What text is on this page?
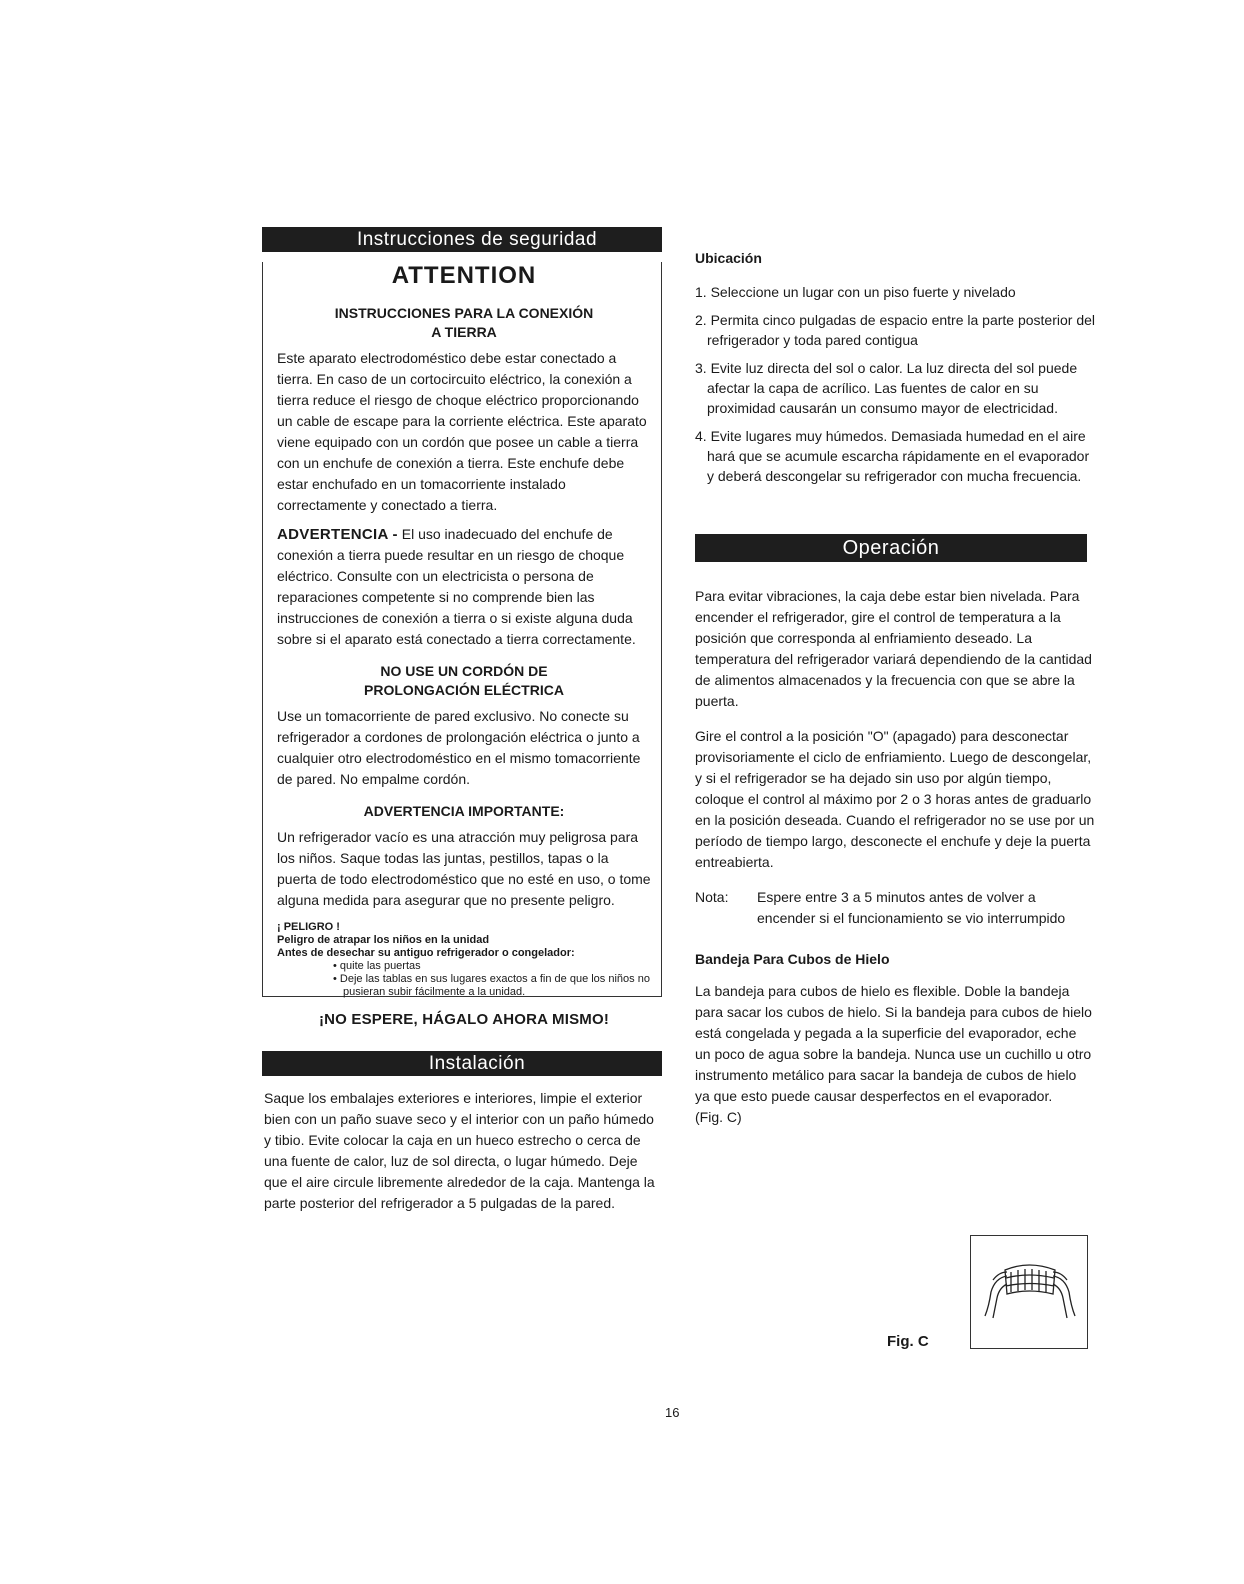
Instrucciones de seguridad
ATTENTION
INSTRUCCIONES PARA LA CONEXIÓN
A TIERRA

Este aparato electrodoméstico debe estar conectado a tierra. En caso de un cortocircuito eléctrico, la conexión a tierra reduce el riesgo de choque eléctrico proporcionando un cable de escape para la corriente eléctrica. Este aparato viene equipado con un cordón que posee un cable a tierra con un enchufe de conexión a tierra. Este enchufe debe estar enchufado en un tomacorriente instalado correctamente y conectado a tierra.

ADVERTENCIA - El uso inadecuado del enchufe de conexión a tierra puede resultar en un riesgo de choque eléctrico. Consulte con un electricista o persona de reparaciones competente si no comprende bien las instrucciones de conexión a tierra o si existe alguna duda sobre si el aparato está conectado a tierra correctamente.

NO USE UN CORDÓN DE
PROLONGACIÓN ELÉCTRICA

Use un tomacorriente de pared exclusivo. No conecte su refrigerador a cordones de prolongación eléctrica o junto a cualquier otro electrodoméstico en el mismo tomacorriente de pared. No empalme cordón.

ADVERTENCIA IMPORTANTE:

Un refrigerador vacío es una atracción muy peligrosa para los niños. Saque todas las juntas, pestillos, tapas o la puerta de todo electrodoméstico que no esté en uso, o tome alguna medida para asegurar que no presente peligro.

¡ PELIGRO !
Peligro de atrapar los niños en la unidad
Antes de desechar su antiguo refrigerador o congelador:
• quite las puertas
• Deje las tablas en sus lugares exactos a fin de que los niños no pusieran subir fácilmente a la unidad.
¡NO ESPERE, HÁGALO AHORA MISMO!
Instalación

Saque los embalajes exteriores e interiores, limpie el exterior bien con un paño suave seco y el interior con un paño húmedo y tibio. Evite colocar la caja en un hueco estrecho o cerca de una fuente de calor, luz de sol directa, o lugar húmedo. Deje que el aire circule libremente alrededor de la caja. Mantenga la parte posterior del refrigerador a 5 pulgadas de la pared.

Ubicación
1. Seleccione un lugar con un piso fuerte y nivelado
2. Permita cinco pulgadas de espacio entre la parte posterior del refrigerador y toda pared contigua
3. Evite luz directa del sol o calor. La luz directa del sol puede afectar la capa de acrílico. Las fuentes de calor en su proximidad causarán un consumo mayor de electricidad.
4. Evite lugares muy húmedos. Demasiada humedad en el aire hará que se acumule escarcha rápidamente en el evaporador y deberá descongelar su refrigerador con mucha frecuencia.
Operación

Para evitar vibraciones, la caja debe estar bien nivelada. Para encender el refrigerador, gire el control de temperatura a la posición que corresponda al enfriamiento deseado. La temperatura del refrigerador variará dependiendo de la cantidad de alimentos almacenados y la frecuencia con que se abre la puerta.

Gire el control a la posición "O" (apagado) para desconectar provisoriamente el ciclo de enfriamiento. Luego de descongelar, y si el refrigerador se ha dejado sin uso por algún tiempo, coloque el control al máximo por 2 o 3 horas antes de graduarlo en la posición deseada. Cuando el refrigerador no se use por un período de tiempo largo, desconecte el enchufe y deje la puerta entreabierta.

Nota:	Espere entre 3 a 5 minutos antes de volver a encender si el funcionamiento se vio interrumpido
Bandeja Para Cubos de Hielo

La bandeja para cubos de hielo es flexible. Doble la bandeja para sacar los cubos de hielo. Si la bandeja para cubos de hielo está congelada y pegada a la superficie del evaporador, eche un poco de agua sobre la bandeja. Nunca use un cuchillo u otro instrumento metálico para sacar la bandeja de cubos de hielo ya que esto puede causar desperfectos en el evaporador.

(Fig. C)

Fig. C
16
